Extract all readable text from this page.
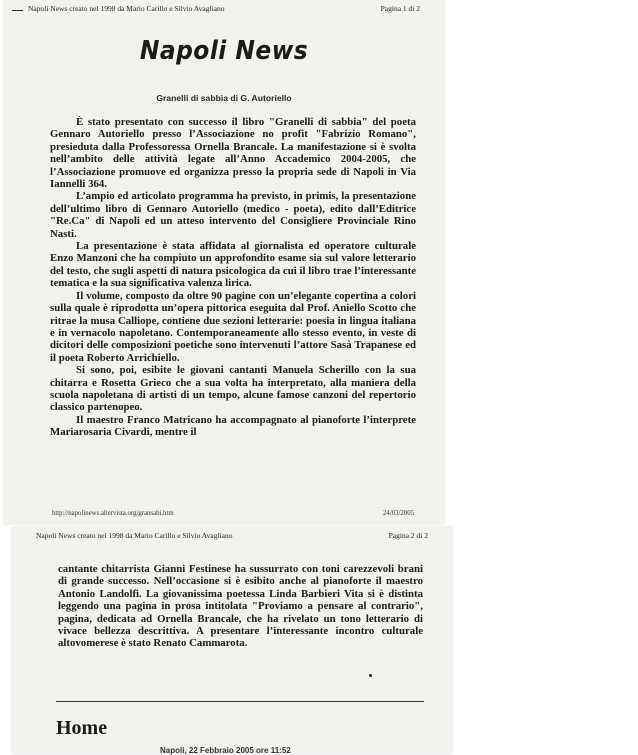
Napoli News creato nel 1998 da Mario Carillo e Silvio Avagliano	Pagina 1 di 2
Napoli News
Granelli di sabbia di G. Autoriello

È stato presentato con successo il libro "Granelli di sabbia" del poeta Gennaro Autoriello presso l’Associazione no profit "Fabrizio Romano", presieduta dalla Professoressa Ornella Brancale. La manifestazione si è svolta nell’ambito delle attività legate all’Anno Accademico 2004-2005, che l’Associazione promuove ed organizza presso la propria sede di Napoli in Via Iannelli 364.

L’ampio ed articolato programma ha previsto, in primis, la presentazione dell’ultimo libro di Gennaro Autoriello (medico - poeta), edito dall’Editrice "Re.Ca" di Napoli ed un atteso intervento del Consigliere Provinciale Rino Nasti.

La presentazione è stata affidata al giornalista ed operatore culturale Enzo Manzoni che ha compiuto un approfondito esame sia sul valore letterario del testo, che sugli aspetti di natura psicologica da cui il libro trae l’interessante tematica e la sua significativa valenza lirica.

Il volume, composto da oltre 90 pagine con un’elegante copertina a colori sulla quale è riprodotta un’opera pittorica eseguita dal Prof. Aniello Scotto che ritrae la musa Calliope, contiene due sezioni letterarie: poesia in lingua italiana e in vernacolo napoletano. Contemporaneamente allo stesso evento, in veste di dicitori delle composizioni poetiche sono intervenuti l’attore Sasà Trapanese ed il poeta Roberto Arrichiello.

Si sono, poi, esibite le giovani cantanti Manuela Scherillo con la sua chitarra e Rosetta Grieco che a sua volta ha interpretato, alla maniera della scuola napoletana di artisti di un tempo, alcune famose canzoni del repertorio classico partenopeo.

Il maestro Franco Matricano ha accompagnato al pianoforte l’interprete Mariarosaria Civardi, mentre il

http://napolinews.altervista.org/gransabi.htm	24/03/2005
Napoli News creato nel 1998 da Mario Carillo e Silvio Avagliano	Pagina 2 di 2

cantante chitarrista Gianni Festinese ha sussurrato con toni carezzevoli brani di grande successo. Nell’occasione si è esibito anche al pianoforte il maestro Antonio Landolfi. La giovanissima poetessa Linda Barbieri Vita si è distinta leggendo una pagina in prosa intitolata "Proviamo a pensare al contrario", pagina, dedicata ad Ornella Brancale, che ha rivelato un tono letterario di vivace bellezza descrittiva. A presentare l’interessante incontro culturale altovomerese è stato Renato Cammarota.

Home
Napoli, 22 Febbraio 2005 ore 11:52
